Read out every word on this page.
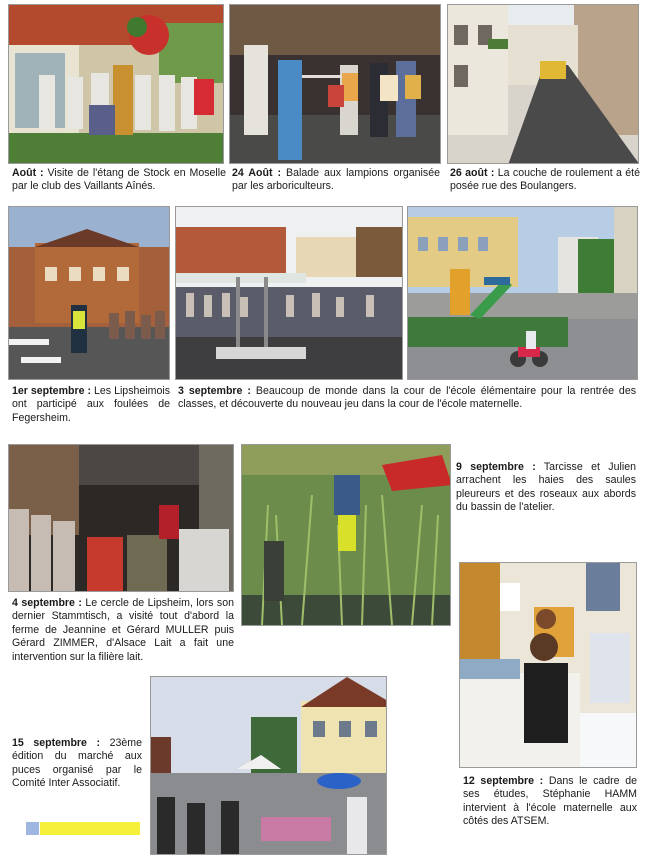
Août : Visite de l'étang de Stock en Moselle par le club des Vaillants Aînés.

24 Août : Balade aux lampions organisée par les arboriculteurs.

26 août : La couche de roulement a été posée rue des Boulangers.

1er septembre : Les Lipsheimois ont participé aux foulées de Fegersheim.

3 septembre : Beaucoup de monde dans la cour de l'école élémentaire pour la rentrée des classes, et découverte du nouveau jeu dans la cour de l'école maternelle.

9 septembre : Tarcisse et Julien arrachent les haies des saules pleureurs et des roseaux aux abords du bassin de l'atelier.

4 septembre : Le cercle de Lipsheim, lors son dernier Stammtisch, a visité tout d'abord la ferme de Jeannine et Gérard MULLER puis Gérard ZIMMER, d'Alsace Lait a fait une intervention sur la filière lait.

15 septembre : 23ème édition du marché aux puces organisé par le Comité Inter Associatif.	12 septembre : Dans le cadre de ses études, Stéphanie HAMM intervient à l'école maternelle aux côtés des ATSEM.
